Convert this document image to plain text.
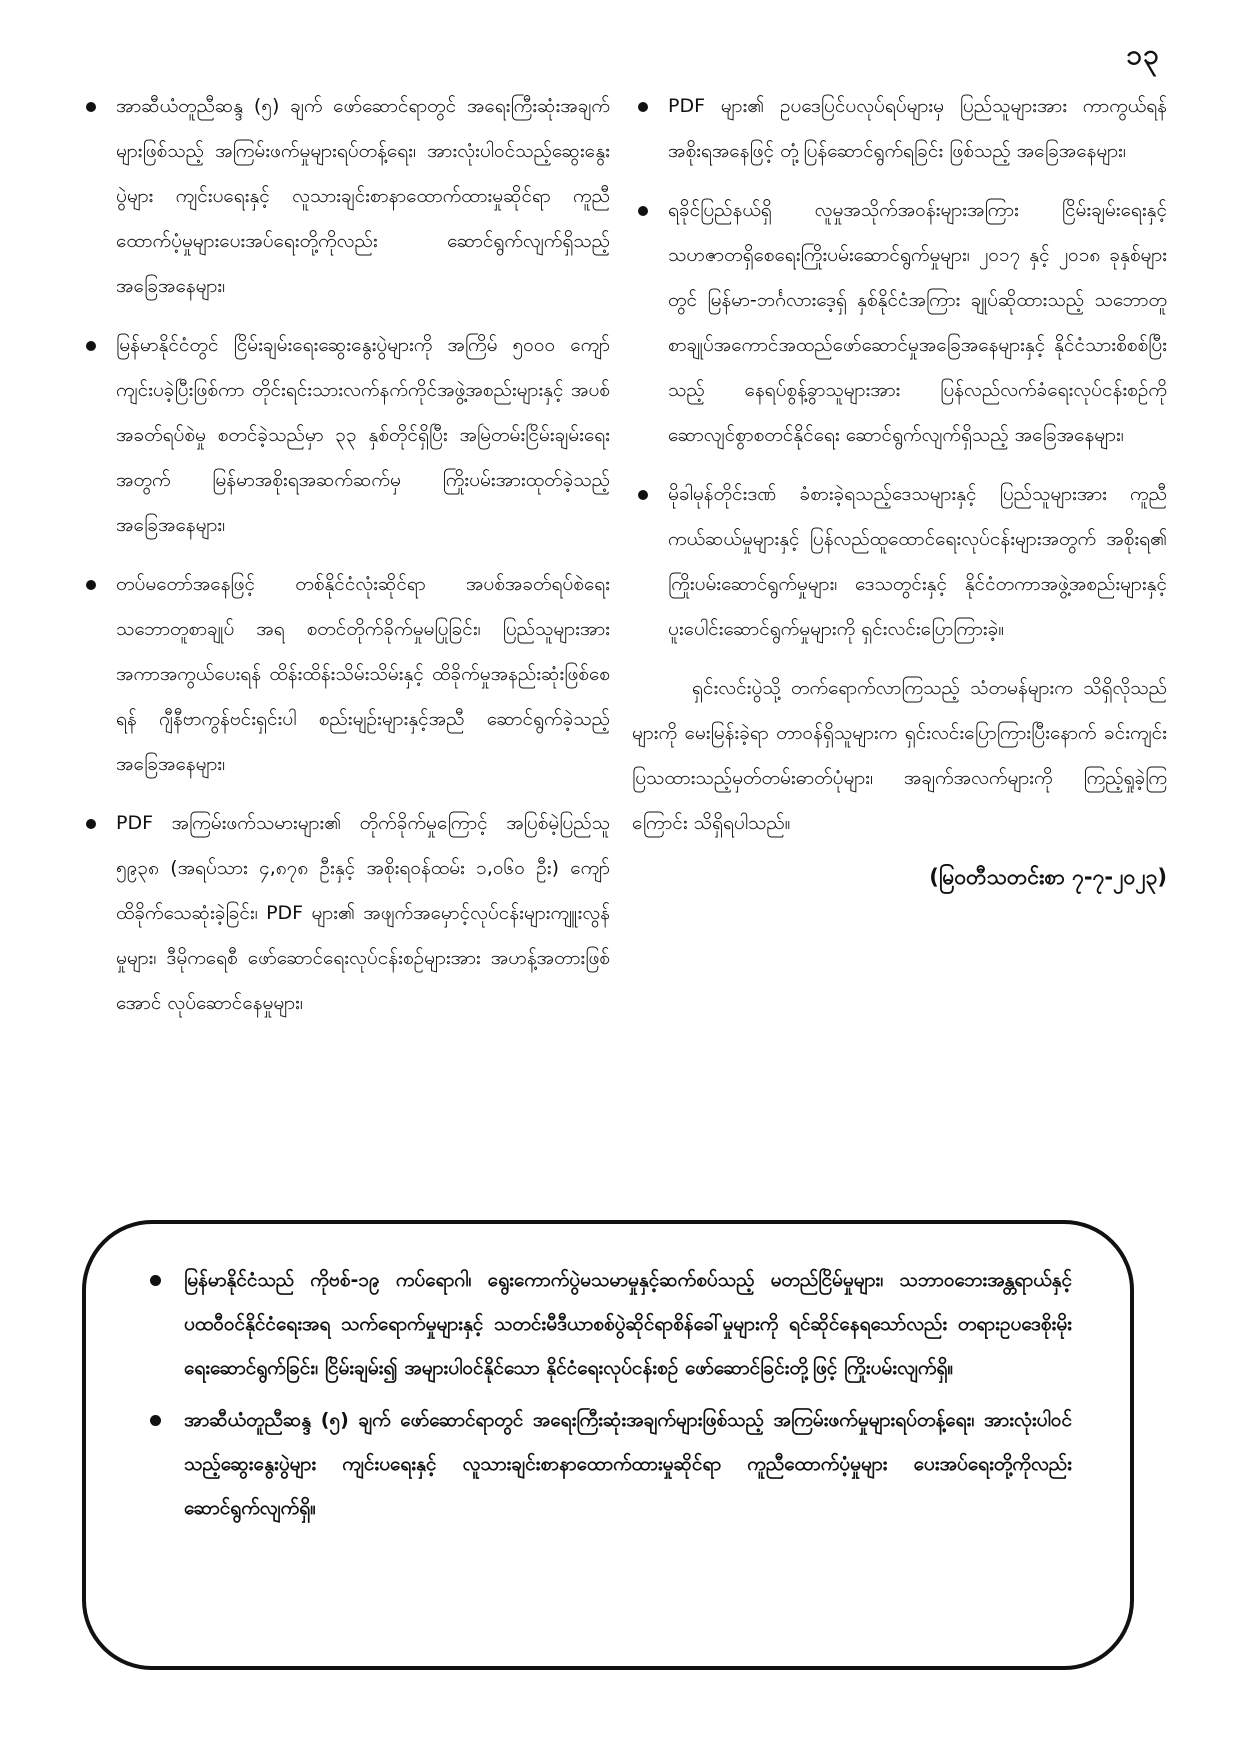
၁၃
အာဆီယံတူညီဆန္ဒ (၅) ချက် ဖော်ဆောင်ရာတွင် အရေးကြီးဆုံးအချက်များဖြစ်သည့် အကြမ်းဖက်မှုများရပ်တန့်ရေး၊ အားလုံးပါဝင်သည့်ဆွေးနွေးပွဲများ ကျင်းပရေးနှင့် လူသားချင်းစာနာထောက်ထားမှုဆိုင်ရာ ကူညီထောက်ပံ့မှုများပေးအပ်ရေးတို့ကိုလည်း ဆောင်ရွက်လျက်ရှိသည့် အခြေအနေများ၊
မြန်မာနိုင်ငံတွင် ငြိမ်းချမ်းရေးဆွေးနွေးပွဲများကို အကြိမ် ၅၀၀၀ ကျော် ကျင်းပခဲ့ပြီးဖြစ်ကာ တိုင်းရင်းသားလက်နက်ကိုင်အဖွဲ့အစည်းများနှင့် အပစ်အခတ်ရပ်စဲမှု စတင်ခဲ့သည်မှာ ၃၃ နှစ်တိုင်ရှိပြီး အမြဲတမ်းငြိမ်းချမ်းရေးအတွက် မြန်မာအစိုးရအဆက်ဆက်မှ ကြိုးပမ်းအားထုတ်ခဲ့သည့် အခြေအနေများ၊
တပ်မတော်အနေဖြင့် တစ်နိုင်ငံလုံးဆိုင်ရာ အပစ်အခတ်ရပ်စဲရေးသဘောတူစာချုပ် အရ စတင်တိုက်ခိုက်မှုမပြုခြင်း၊ ပြည်သူများအား အကာအကွယ်ပေးရန် ထိန်းထိန်းသိမ်းသိမ်းနှင့် ထိခိုက်မှုအနည်းဆုံးဖြစ်စေရန် ဂျီနီဗာကွန်ဗင်းရှင်းပါ စည်းမျဉ်းများနှင့်အညီ ဆောင်ရွက်ခဲ့သည့်အခြေအနေများ၊
PDF အကြမ်းဖက်သမားများ၏ တိုက်ခိုက်မှုကြောင့် အပြစ်မဲ့ပြည်သူ ၅၉၃၈ (အရပ်သား ၄,၈၇၈ ဦးနှင့် အစိုးရဝန်ထမ်း ၁,၀၆၀ ဦး) ကျော် ထိခိုက်သေဆုံးခဲ့ခြင်း၊ PDF များ၏ အဖျက်အမှောင့်လုပ်ငန်းများကျူးလွန်မှုများ၊ ဒီမိုကရေစီ ဖော်ဆောင်ရေးလုပ်ငန်းစဉ်များအား အဟန့်အတားဖြစ်အောင် လုပ်ဆောင်နေမှုများ၊
PDF များ၏ ဥပဒေပြင်ပလုပ်ရပ်များမှ ပြည်သူများအား ကာကွယ်ရန် အစိုးရအနေဖြင့် တုံ့ပြန်ဆောင်ရွက်ရခြင်း ဖြစ်သည့် အခြေအနေများ၊
ရခိုင်ပြည်နယ်ရှိ လူမှုအသိုက်အဝန်းများအကြား ငြိမ်းချမ်းရေးနှင့် သဟဇာတရှိစေရေးကြိုးပမ်းဆောင်ရွက်မှုများ၊ ၂၀၁၇ နှင့် ၂၀၁၈ ခုနှစ်များတွင် မြန်မာ-ဘင်္ဂလားဒေ့ရှ် နှစ်နိုင်ငံအကြား ချုပ်ဆိုထားသည့် သဘောတူစာချုပ်အကောင်အထည်ဖော်ဆောင်မှုအခြေအနေများနှင့် နိုင်ငံသားစိစစ်ပြီးသည့် နေရပ်စွန့်ခွာသူများအား ပြန်လည်လက်ခံရေးလုပ်ငန်းစဉ်ကို ဆောလျင်စွာစတင်နိုင်ရေး ဆောင်ရွက်လျက်ရှိသည့် အခြေအနေများ၊
မိုခါမုန်တိုင်းဒဏ် ခံစားခဲ့ရသည့်ဒေသများနှင့် ပြည်သူများအား ကူညီကယ်ဆယ်မှုများနှင့် ပြန်လည်ထူထောင်ရေးလုပ်ငန်းများအတွက် အစိုးရ၏ ကြိုးပမ်းဆောင်ရွက်မှုများ၊ ဒေသတွင်းနှင့် နိုင်ငံတကာအဖွဲ့အစည်းများနှင့် ပူးပေါင်းဆောင်ရွက်မှုများကို ရှင်းလင်းပြောကြားခဲ့။

ရှင်းလင်းပွဲသို့ တက်ရောက်လာကြသည့် သံတမန်များက သိရှိလိုသည်များကို မေးမြန်းခဲ့ရာ တာဝန်ရှိသူများက ရှင်းလင်းပြောကြားပြီးနောက် ခင်းကျင်းပြသထားသည့်မှတ်တမ်းဓာတ်ပုံများ၊ အချက်အလက်များကို ကြည့်ရှုခဲ့ကြကြောင်း သိရှိရပါသည်။

(မြဝတီသတင်းစာ ၇-၇-၂၀၂၃)
မြန်မာနိုင်ငံသည် ကိုဗစ်-၁၉ ကပ်ရောဂါ၊ ရွေးကောက်ပွဲမသမာမှုနှင့်ဆက်စပ်သည့် မတည်ငြိမ်မှုများ၊ သဘာဝဘေးအန္တရာယ်နှင့် ပထဝီဝင်နိုင်ငံရေးအရ သက်ရောက်မှုများနှင့် သတင်းမီဒီယာစစ်ပွဲဆိုင်ရာစိန်ခေါ်မှုများကို ရင်ဆိုင်နေရသော်လည်း တရားဥပဒေစိုးမိုးရေးဆောင်ရွက်ခြင်း၊ ငြိမ်းချမ်း၍ အများပါဝင်နိုင်သော နိုင်ငံရေးလုပ်ငန်းစဉ် ဖော်ဆောင်ခြင်းတို့ဖြင့် ကြိုးပမ်းလျက်ရှိ။
အာဆီယံတူညီဆန္ဒ (၅) ချက် ဖော်ဆောင်ရာတွင် အရေးကြီးဆုံးအချက်များဖြစ်သည့် အကြမ်းဖက်မှုများရပ်တန့်ရေး၊ အားလုံးပါဝင်သည့်ဆွေးနွေးပွဲများ ကျင်းပရေးနှင့် လူသားချင်းစာနာထောက်ထားမှုဆိုင်ရာ ကူညီထောက်ပံ့မှုများ ပေးအပ်ရေးတို့ကိုလည်း ဆောင်ရွက်လျက်ရှိ။
